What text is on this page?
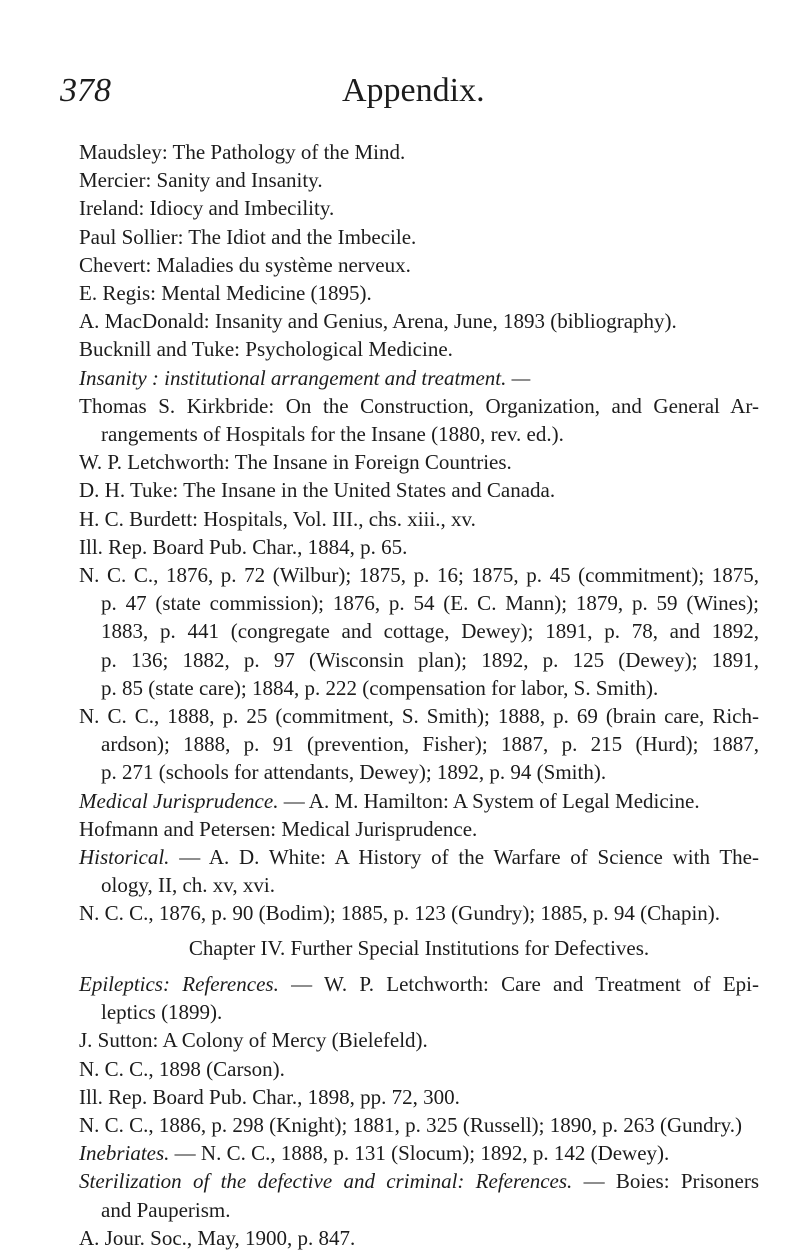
378	Appendix.
Maudsley: The Pathology of the Mind.
Mercier: Sanity and Insanity.
Ireland: Idiocy and Imbecility.
Paul Sollier: The Idiot and the Imbecile.
Chevert: Maladies du système nerveux.
E. Regis: Mental Medicine (1895).
A. MacDonald: Insanity and Genius, Arena, June, 1893 (bibliography).
Bucknill and Tuke: Psychological Medicine.
Insanity : institutional arrangement and treatment. —
Thomas S. Kirkbride: On the Construction, Organization, and General Ar-
rangements of Hospitals for the Insane (1880, rev. ed.).
W. P. Letchworth: The Insane in Foreign Countries.
D. H. Tuke: The Insane in the United States and Canada.
H. C. Burdett: Hospitals, Vol. III., chs. xiii., xv.
Ill. Rep. Board Pub. Char., 1884, p. 65.
N. C. C., 1876, p. 72 (Wilbur); 1875, p. 16; 1875, p. 45 (commitment); 1875,
p. 47 (state commission); 1876, p. 54 (E. C. Mann); 1879, p. 59 (Wines);
1883, p. 441 (congregate and cottage, Dewey); 1891, p. 78, and 1892,
p. 136; 1882, p. 97 (Wisconsin plan); 1892, p. 125 (Dewey); 1891,
p. 85 (state care); 1884, p. 222 (compensation for labor, S. Smith).
N. C. C., 1888, p. 25 (commitment, S. Smith); 1888, p. 69 (brain care, Rich-
ardson); 1888, p. 91 (prevention, Fisher); 1887, p. 215 (Hurd); 1887,
p. 271 (schools for attendants, Dewey); 1892, p. 94 (Smith).
Medical Jurisprudence. — A. M. Hamilton: A System of Legal Medicine.
Hofmann and Petersen: Medical Jurisprudence.
Historical. — A. D. White: A History of the Warfare of Science with The-
ology, II, ch. xv, xvi.
N. C. C., 1876, p. 90 (Bodim); 1885, p. 123 (Gundry); 1885, p. 94 (Chapin).
Chapter IV. Further Special Institutions for Defectives.
Epileptics: References. — W. P. Letchworth: Care and Treatment of Epi-
leptics (1899).
J. Sutton: A Colony of Mercy (Bielefeld).
N. C. C., 1898 (Carson).
Ill. Rep. Board Pub. Char., 1898, pp. 72, 300.
N. C. C., 1886, p. 298 (Knight); 1881, p. 325 (Russell); 1890, p. 263 (Gundry.)
Inebriates. — N. C. C., 1888, p. 131 (Slocum); 1892, p. 142 (Dewey).
Sterilization of the defective and criminal: References. — Boies: Prisoners
and Pauperism.
A. Jour. Soc., May, 1900, p. 847.
